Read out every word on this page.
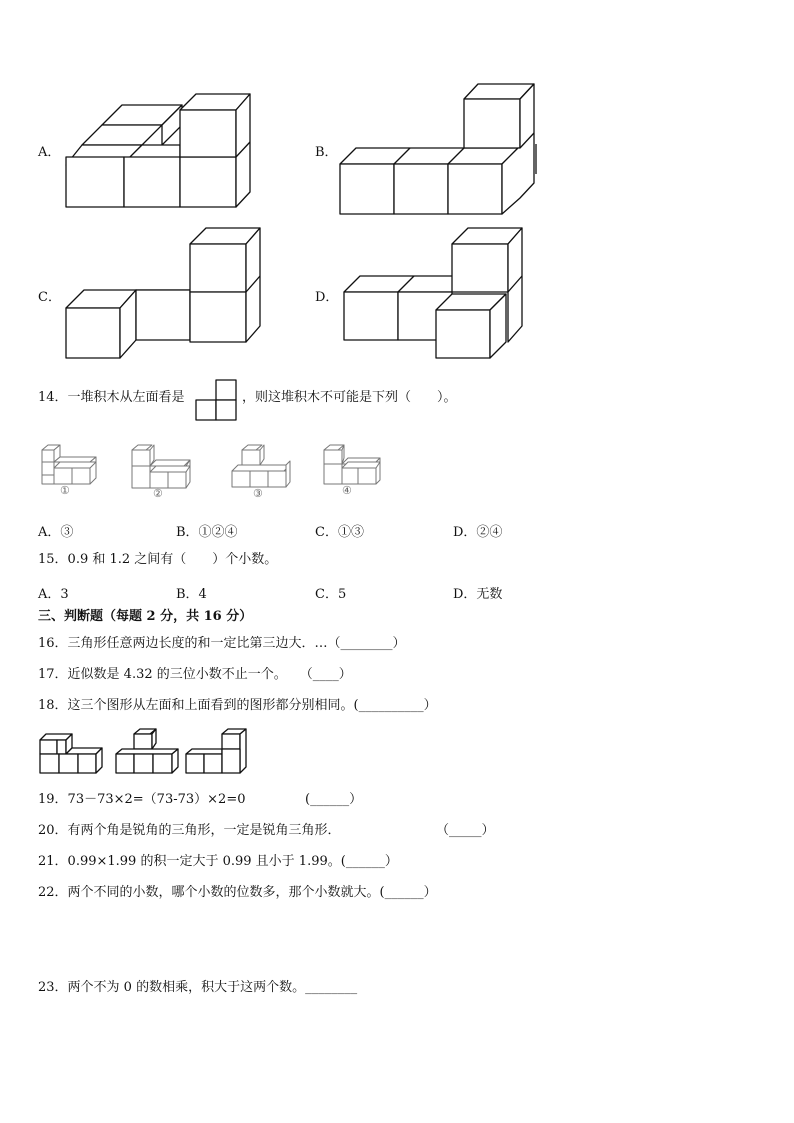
A．	B．
C．	D．
14．一堆积木从左面看是	，则这堆积木不可能是下列（　　）。
①	②	③	④
A．③	B．①②④	C．①③	D．②④
15．0.9 和 1.2 之间有（　　）个小数。
A．3	B．4	C．5	D．无数
三、判断题（每题 2 分，共 16 分）
16．三角形任意两边长度的和一定比第三边大．…（________）
17．近似数是 4.32 的三位小数不止一个。　　（____）
18．这三个图形从左面和上面看到的图形都分别相同。(__________）
19．73－73×2=（73-73）×2=0	(______）
20．有两个角是锐角的三角形，一定是锐角三角形．	（_____）
21．0.99×1.99 的积一定大于 0.99 且小于 1.99。(______）
22．两个不同的小数，哪个小数的位数多，那个小数就大。(______）
23．两个不为 0 的数相乘，积大于这两个数。________
